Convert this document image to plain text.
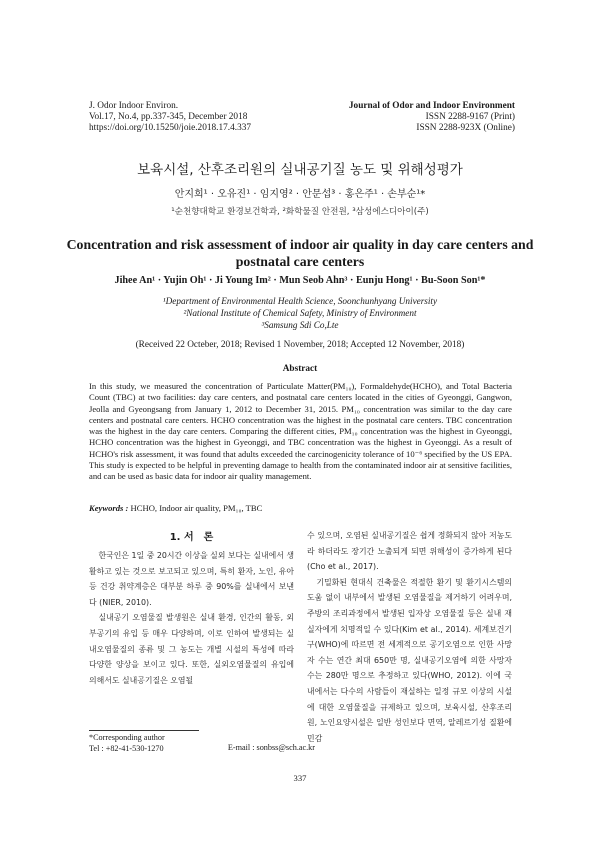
J. Odor Indoor Environ.
Vol.17, No.4, pp.337-345, December 2018
https://doi.org/10.15250/joie.2018.17.4.337
Journal of Odor and Indoor Environment
ISSN 2288-9167 (Print)
ISSN 2288-923X (Online)
보육시설, 산후조리원의 실내공기질 농도 및 위해성평가
안지희¹ · 오유진¹ · 임지영² · 안문섭³ · 홍은주¹ · 손부순¹*
¹순천향대학교 환경보건학과, ²화학물질 안전원, ³삼성에스디아이(주)
Concentration and risk assessment of indoor air quality in day care centers and postnatal care centers
Jihee An¹ · Yujin Oh¹ · Ji Young Im² · Mun Seob Ahn³ · Eunju Hong¹ · Bu-Soon Son¹*
¹Department of Environmental Health Science, Soonchunhyang University
²National Institute of Chemical Safety, Ministry of Environment
³Samsung Sdi Co,Lte
(Received 22 Octeber, 2018; Revised 1 November, 2018; Accepted 12 November, 2018)
Abstract
In this study, we measured the concentration of Particulate Matter(PM₁₀), Formaldehyde(HCHO), and Total Bacteria Count (TBC) at two facilities: day care centers, and postnatal care centers located in the cities of Gyeonggi, Gangwon, Jeolla and Gyeongsang from January 1, 2012 to December 31, 2015. PM₁₀ concentration was similar to the day care centers and postnatal care centers. HCHO concentration was the highest in the postnatal care centers. TBC concentration was the highest in the day care centers. Comparing the different cities, PM₁₀ concentration was the highest in Gyeonggi, HCHO concentration was the highest in Gyeonggi, and TBC concentration was the highest in Gyeonggi. As a result of HCHO's risk assessment, it was found that adults exceeded the carcinogenicity tolerance of 10⁻⁶ specified by the US EPA. This study is expected to be helpful in preventing damage to health from the contaminated indoor air at sensitive facilities, and can be used as basic data for indoor air quality management.
Keywords : HCHO, Indoor air quality, PM₁₀, TBC
1. 서　론

한국인은 1일 중 20시간 이상을 실외 보다는 실내에서 생활하고 있는 것으로 보고되고 있으며, 특히 환자, 노인, 유아 등 건강 취약계층은 대부분 하루 중 90%를 실내에서 보낸다 (NIER, 2010).

실내공기 오염물질 발생원은 실내 환경, 인간의 활동, 외부공기의 유입 등 매우 다양하며, 이로 인하여 발생되는 실내오염물질의 종류 및 그 농도는 개별 시설의 특성에 따라 다양한 양상을 보이고 있다. 또한, 실외오염물질의 유입에 의해서도 실내공기질은 오염될

수 있으며, 오염된 실내공기질은 쉽게 정화되지 않아 저농도라 하더라도 장기간 노출되게 되면 위해성이 증가하게 된다(Cho et al., 2017).

기밀화된 현대식 건축물은 적절한 환기 및 환기시스템의 도움 없이 내부에서 발생된 오염물질을 제거하기 어려우며, 주방의 조리과정에서 발생된 입자상 오염물질 등은 실내 재실자에게 치명적일 수 있다(Kim et al., 2014). 세계보건기구(WHO)에 따르면 전 세계적으로 공기오염으로 인한 사망자 수는 연간 최대 650만 명, 실내공기오염에 의한 사망자 수는 280만 명으로 추정하고 있다(WHO, 2012). 이에 국내에서는 다수의 사람들이 재실하는 일정 규모 이상의 시설에 대한 오염물질을 규제하고 있으며, 보육시설, 산후조리원, 노인요양시설은 일반 성인보다 면역, 알레르기성 질환에 민감

*Corresponding author
Tel : +82-41-530-1270	E-mail : sonbss@sch.ac.kr
337
